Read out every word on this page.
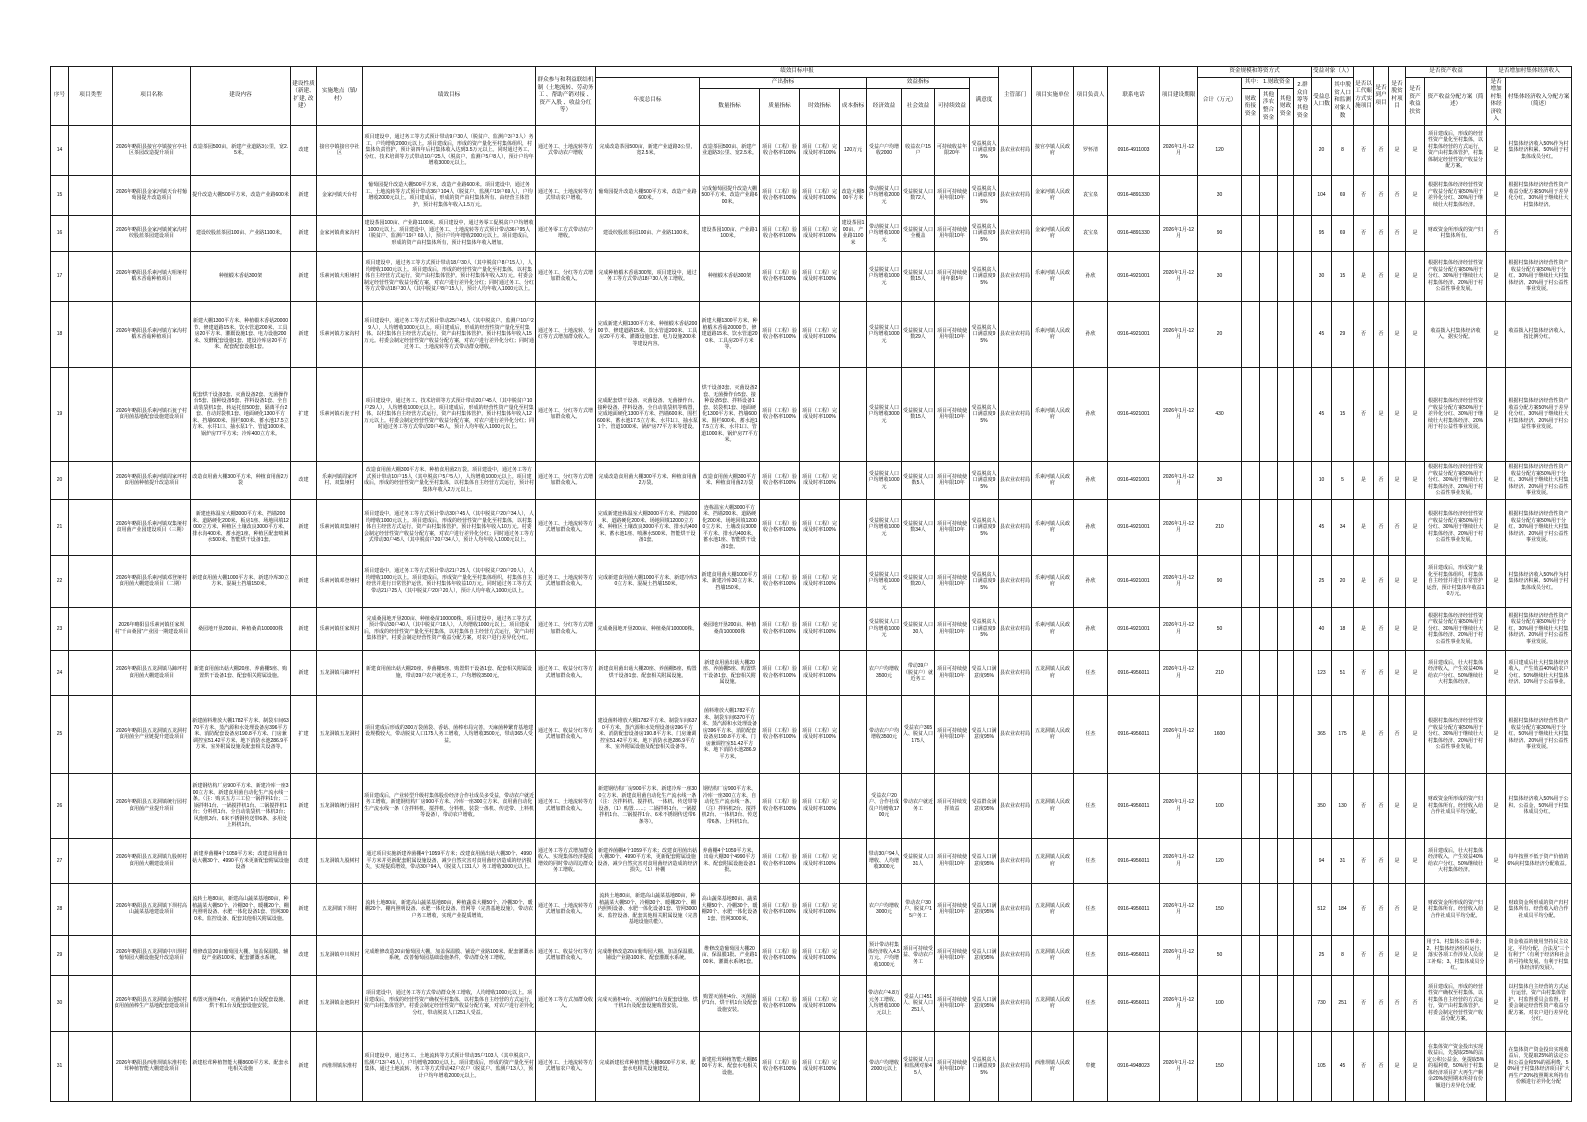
序号	项目类型	项目名称	建设内容	建设性质（新建、扩建, 改建）	实施地点（镇/村）	绩效目标	群众参与和利益联结机制（土地流转、劳动务工 、帮助产销对接 、资产入股 、收益分红等）	绩效目标申报									主管部门	项目实施单位	项目负责人	联系电话	项目建设期限	资金规模和筹资方式					受益对象（人）		是否以工代赈方式实施项目	是否到户项目	是否脱贫村项目	是否资产收益		是否增加村集体经济收入	
								年度总目标	产出指标				效益指标			满意度						合计（万元）	其中： 1.财政资金			2.群众自筹等其他资金	受益总人口数	其中脱贫人口和监测对象人数				是否资产收益扶贫	资产收益分配方案（简述）	是否增加村集体经济收入	村集体经济收入分配方案（简述）
									数量指标	质量指标	时效指标	成本指标	经济效益	社会效益	可持续效益								财政衔接资金	其他涉农整合资金	其他财政资金										
14		2026年略阳县接官亭镇接官亭社区茶园改造提升项目	改造茶园500亩，新建产业道路3公里，宽2.5米。	改建	接官亭镇接官亭社区	项目建设中，通过务工等方式预计带动9户30人（脱贫户、监测户3户3人）务工，户均增收2000元以上。项目建成后，形成的资产量化至村集体组织，村集体负责管护，预计第四年后村集体收入达到3.5万元以上。同时通过务工、分红、技术培训等方式带动10户25人（脱贫户、监测户5户8人），预计户均年增收3000元以上。	通过务工、土地流转等方式带动农户增收	完成改造茶园500亩，新建产业道路3公里，宽2.5米。	改造茶园500亩、新建产业道路3公里、宽2.5米。	项目（工程）验收合格率100%	项目（工程）完成及时率100%	120万元	受益户户均增收2000	收益农户15户	可持续收益年限20年	受益脱贫人口满意度95%	县农业农村局	接官亭镇人民政府	罗怀清	0916-4911003	2026年1月-12月	120					20	8	否	否	是	是	项目建成后，形成的经营性资产量化至村集体，以村集体经营的方式运行，资产由村集体管护，村集体制定经营性资产收益分配方案。	是	村集体经济收入50%作为村集体经济积累、50%用于村集体成员分红。
15		2026年略阳县金家河镇天台村葡萄园提升改造项目	提升改造大棚500平方米，改造产业路600米	新建	金家河镇天台村	葡萄园提升改造大棚500平方米，改造产业路600米。项目建设中，通过务工、土地流转等方式预计带动36户104人（脱贫户、监测户19户69人），户均增收2000元以上。项目建成后，形成的资产由村集体所有、由经营主体管护，预计村集体年收入1.5万元。	通过务工、土地流转等方式带动农户增收。	葡萄园提升改造大棚500平方米，改造产业路600米。	完成葡萄园提升改造大棚500平方米、改造产业路600米。	项目（工程）验收合格率100%	项目（工程）完成及时率100%	改造大棚500平方米	带动脱贫人口户均增收2000元	受益脱贫人口数72人	项目可持续使用年限10年	受益脱贫人口满意度95%	县农业农村局	金家河镇人民政府	袁宝泉	0916-4891330		30					104	69	否	否	否	是	根据村集体经济经营性资产收益分配方案50%用于差异化分红、30%用于继续壮大村集体经济。	是	根据村集体经济经营性资产收益分配方案50%用于差异化分红、30%用于继续壮大村集体经济。
16		2026年略阳县金家河镇黄家沟村绞股蓝茶园建设项目	建设绞股蓝茶园100亩、产业路1100米。	新建	金家河镇黄家沟村	建设茶园100亩、产业路1100米。项目建设中，通过务零工促脱贫户户均增收1000元以上。项目建设中，通过务工、土地流转等方式预计带动36户95人（脱贫户、监测户19户 69人），预计户均年增收2000元以上。项目建成后，形成的资产由村集体所有，预计村集体年收入增加。	通过务零工方式带动农户增收。	建设绞股蓝茶园100亩、产业路1100米。	建设茶园100亩、产业路1100米。	项目（工程）验收合格率100%	项目（工程）完成及时率100%	建设茶园100亩、产业路1100米	带动脱贫人口户均增收1000元	受益脱贫人口全覆盖	项目可持续使用年限10年	受益脱贫人口满意度95%	县农业农村局	金家河镇人民政府	袁宝泉	0916-4891330	2026年1月-12月	90					95	69	否	否	否	是	财政资金所形成的资产归村集体所有。	否	
17		2026年略阳县乐素河镇大咀垭村椴木香菇种植项目	种植椴木香菇300架	新建	乐素河镇大咀垭村	项目建设中，通过务工等方式预计带动18户30人（其中脱贫户8户15人），人均增收1000元以上。项目建成后，形成的经营性资产量化至村集体，以村集体自主经营方式运行，资产由村集体管护。预计村集体年收入3万元。村委会制定经营性资产收益分配方案，对农户进行差异化分红；同时通过务工、分红等方式带动18户30人（其中脱贫户8户15人），预计人均年收入1000元以上。	通过务工、分红等方式增加群众收入。	完成种植椴木香菇300架，项目建设中，通过务工等方式带动18户30人务工增收。	种植椴木香菇300架	项目（工程）验收合格率100%	项目（工程）完成及时率100%		受益脱贫人口户均增收1000元	受益脱贫人口数15人	项目可持续使用年限5年	受益脱贫人口满意度95%	县农业农村局	乐素河镇人民政府	孙欣	0916-4921001	2026年1月-12月	30					30	15	是	否	是	是	根据村集体经济经营性资产收益分配方案50%用于分红、30%用于继续壮大村集体经济、20%用于村公益性事业发展。	是	根据村集体经济经营性资产收益分配方案50%用于分红、30%用于继续壮大村集体经济、20%用于村公益性事业发展。
18		2026年略阳县乐素河镇方家沟村椴木香菇种植项目	新建大棚1300平方米、种植椴木香菇20000节、修建道路15米、饮水管道200米、工具房20平方米、灌溉设施1套、电力设施200米、发酵配套设施1套、建设冷库房20平方米、配套配套设施1套。	新建	乐素河镇方家沟村	项目建设中，通过务工等方式预计带动25户45人（其中脱贫户、监测户10户29人），人均增收1000元以上。项目建成后，形成的经营性资产量化至村集体。以村集体自主经营方式运行，资产由村集体管护。预计村集体年收入15万元。村委会制定经营性资产收益分配方案，对农户进行差异化分红；同时通过务工、土地流转等方式带动群众增收。	通过务工、土地流转、分红等方式增加群众收入。	完成新建大棚1300平方米、种植椴木香菇20000节、修建道路15米、饮水管道200米、工具房20平方米、灌溉设施1套、电力设施200米等建设内容。	新建大棚1300平方米、种植椴木香菇20000节、修建道路15米、饮水管道200米、工具房20平方米等。	项目（工程）验收合格率100%	项目（工程）完成及时率100%		受益脱贫人口户均增收1000元	受益脱贫人口数29人	项目可持续使用年限10年	受益脱贫人口满意度95%	县农业农村局	乐素河镇人民政府	孙欣	0916-4921001	2026年1月-12月	20					45	29	否	否	是	是	收益拨入村集体经济收入，据实分配。	是	收益拨入村集体经济收入，按比例分红。
19		2026年略阳县乐素河镇石瓮子村食用菌基地配套设施建设项目	配套烘干设备3套、灭菌设备2套、无菌操作台5套、接种设备5套、拌料设备1套、全自动装袋机1套、转运托盘500套、隔离平台2套、自动封袋机1套、地面硬化1300平方米、挡墙600米、围栏600米、蓄水池17.5立方米、水井1口、抽水泵1个、管道1000米、锅炉房77平方米；冷库400立方米。	扩建	乐素河镇石瓮子村	项目建设中，通过务工、技术培训等方式预计带动20户45人（其中脱贫户10户29人），人均增收1000元以上。项目建成后，形成的经营性资产量化至村集体，以村集体自主经营方式运行，资产由村集体管护，预计村集体年收入12万元以上。村委会制定经营性资产收益分配方案，对农户进行差异化分红；同时通过务工等方式带动20户45人，预计人均年收入1000元以上。	通过务工、分红等方式增加群众收入。	完成配套烘干设备、灭菌设备、无菌操作台、接种设备、拌料设备、全自动装袋机等购置，完成地面硬化1300平方米、挡墙600米、围栏600米、蓄水池17.5立方米、水井1口、抽水泵1个、管道1000米、锅炉房77平方米等建设。	烘干设备3套、灭菌设备2套、无菌操作台5套、接种设备5套、拌料设备1套、装袋机1套、地面硬化1300平方米、挡墙600米、围栏600米、蓄水池17.5立方米、水井1口、管道1000米、锅炉房77平方米。	项目（工程）验收合格率100%	项目（工程）完成及时率100%		受益脱贫人口户均增收3000元	受益脱贫人口数15人	项目可持续使用年限10年	受益脱贫人口满意度95%	县农业农村局	乐素河镇人民政府	孙欣	0916-4921001	2026年1月-12月	430					45	15	否	是	是	是	根据村集体经济经营性资产收益分配方案50%用于差异化分红、30%用于继续壮大村集体经济、20%用于村公益性事业发展。	是	根据村集体经济经营性资产收益分配方案50%用于差异化分红、30%用于继续壮大村集体经济、20%用于村公益性事业发展。
20		2026年略阳县乐素河镇周家坪村食用菌种植提升改造项目	改造食用菌大棚300平方米，种植食用菌2万袋	改建	乐素河镇周家坪村、双集垭村	改造食用菌大棚300平方米、种植食用菌2万袋。项目建设中，通过务工等方式预计带动10户15人（其中脱贫户5户5人），人均增收1000元以上。项目建成后，形成的经营性资产量化至村集体，以村集体自主经营方式运行，预计村集体年收入2万元以上。	通过务工、分红等方式增加群众收入。	完成改造食用菌大棚300平方米、种植食用菌2万袋。	改造食用菌大棚300平方米、种植食用菌2万袋	项目（工程）验收合格率100%	项目（工程）完成及时率100%		受益脱贫人口户均增收1000元	受益脱贫人口数5人	项目可持续使用年限10年	受益脱贫人口满意度95%	县农业农村局	乐素河镇人民政府	孙欣	0916-4921001	2026年1月-12月	30					10	5	是	否	是	是	根据村集体经济经营性资产收益分配方案50%用于分红、30%用于继续壮大村集体经济、20%用于村公益性事业发展。	是	根据村集体经济经营性资产收益分配方案50%用于分红、30%用于继续壮大村集体经济、20%用于村公益性事业发展。
21		2026年略阳县乐素河镇双集垭村食用菌产业园建设项目（三期）	新建连栋温室大棚3000平方米、挡墙200米、道路硬化200米、板房1座、场地回填12000立方米、种植区土壤改良3000平方米、排水沟400米、蓄水池1座、种植区配套喷淋水500米、智能烘干设备1套。	新建	乐素河镇双集垭村	项目建设中，通过务工等方式预计带动30户45人（其中脱贫户20户34人），人均增收1000元以上。项目建成后，形成的经营性资产量化至村集体，以村集体自主经营方式运行，资产由村集体管护。预计村集体年收入10万元。村委会制定经营性资产收益分配方案，对农户进行差异化分红；同时通过务工等方式带动30户45人（其中脱贫户20户34人），预计人均年收入1000元以上。	通过务工、土地流转等方式增加群众收入。	完成新建连栋温室大棚3000平方米、挡墙200米、道路硬化200米、场地回填12000立方米、种植区土壤改良3000平方米、排水沟400米、蓄水池1座、喷淋水500米、智能烘干设备1套。	连栋温室大棚3000平方米、挡墙200米、道路硬化200米、场地回填12000立方米、土壤改良3000平方米、排水沟400米、蓄水池1座、智能烘干设备1套。	项目（工程）验收合格率100%	项目（工程）完成及时率100%		受益脱贫人口户均增收1000元	受益脱贫人口数34人	项目可持续使用年限10年	受益脱贫人口满意度95%	县农业农村局	乐素河镇人民政府	孙欣	0916-4921001	2026年1月-12月	210					45	34	是	否	否	是	根据村集体经济经营性资产收益分配方案50%用于分红、30%用于继续壮大村集体经济、20%用于村公益性事业发展。	是	根据村集体经济经营性资产收益分配方案50%用于分红、30%用于继续壮大村集体经济、20%用于村公益性事业发展。
22		2026年略阳县乐素河镇邓登垭村食用菌大棚建设项目（二期）	新建食用菌大棚1000平方米、新建冷库30立方米、混凝土挡墙150米。	新建	乐素河镇邓登垭村	项目建设中，通过务工等方式预计带动21户25人（其中脱贫户20户20人），人均增收1000元以上。项目建成后，形成资产量化至村集体组织，村集体自主经营并进行日常管护运营，预计村集体年收益10万元。同时通过务工等方式带动21户25人（其中脱贫户20户20人），预计人均年收入1000元以上。	通过务工、土地流转等方式增加群众收入。	完成新建食用菌大棚1000平方米、新建冷库30立方米、混凝土挡墙150米。	新建食用菌大棚1000平方米、新建冷库30立方米、挡墙150米。	项目（工程）验收合格率100%	项目（工程）完成及时率100%		受益脱贫人口户均增收1000元	受益脱贫人口数20人	项目可持续使用年限10年	受益脱贫人口满意度95%	县农业农村局	乐素河镇人民政府	孙欣	0916-4921001	2026年1月-12月	90					25	20	是	否	是	是	项目建成后，形成资产量化至村集体组织，村集体自主经营并进行日常管护运营，预计村集体年收益10万元。	是	村集体经济收入50%作为村集体经济积累、50%用于村集体成员分红。
23		2026年略阳县乐素河镇任家坝村“千亩桑园”产业园一期建设项目	桑园地开垦200亩、种植桑苗100000株	新建	乐素河镇任家坝村	完成桑园地开垦200亩、种植桑苗100000株。项目建设中，通过务工等方式预计带动30户40人（其中脱贫户18人），人均增收1000元以上。项目建成后，形成的经营性资产量化至村集体，以村集体自主经营方式运行，资产由村集体管护。村委会制定经营性资产收益分配方案，对农户进行差异化分红。	通过务工、分红等方式增加群众收入。	完成桑园地开垦200亩、种植桑苗100000株。	桑园地开垦200亩、种植桑苗100000株	项目（工程）验收合格率100%	项目（工程）完成及时率100%		受益脱贫人口户均增收1000元	受益脱贫人口30人	项目可持续使用年限10年	受益脱贫人口满意度95%	县农业农村局	乐素河镇人民政府	孙欣	0916-4921001	2026年1月-12月	50					40	18	是	否	是	是	根据村集体经济经营性资产收益分配方案50%用于分红、30%用于继续壮大村集体经济、20%用于村公益性事业发展。	是	根据村集体经济经营性资产收益分配方案50%用于分红、30%用于继续壮大村集体经济、20%用于村公益性事业发展。
24		2026年略阳县五龙洞镇马蹄坪村食用菌大棚建设项目	新建食用菌出菇大棚20座、养菌棚5座、购置烘干设备1套、配套相关附属设施。	新建	五龙洞镇马蹄坪村	新建食用菌出菇大棚20座、养菌棚5座、购置烘干设备1套、配套相关附属设施，带动39户农户就近务工，户均增收3500元。	通过务工、收益分红等方式增加群众收入。	新建食用菌出菇大棚20座、养菌棚5座、购置烘干设备1套、配套相关附属设施。	新建食用菌出菇大棚20座、养菌棚5座、购置烘干设备1套、配套相关附属设施。	项目（工程）验收合格率100%	项目（工程）完成及时率100%		农户户均增收3500元	带动39户（脱贫户）就近务工	项目可持续使用年限10年	受益人口满意度95%	县农业农村局	五龙洞镇人民政府	任杰	0916-4956011	2026年1月-12月	210					123	51	否	否	是	是	项目建成后，壮大村集体经济收入，产生效益40%给农户分红、50%继续壮大村集体经济。	是	项目建成后壮大村集体经济收入，产生效益40%给农户分红、50%继续壮大村集体经济、10%用于公益事业。
25		2026年略阳县五龙洞镇五龙洞村食用菌全产业链提升建设项目	新建菌料堆放大棚1782平方米、制袋车间6370平方米、蒸汽源和水处理设备房396平方米、消防配套设备房190.8平方米、门房兼调控室51.42平方米、地下消防水池286.9平方米、室外附属设施及配套相关设备等。	扩建	五龙洞镇五龙洞村	项目建成后形成的300万袋菌袋、香菇、菌棒布局完善，天麻菌种繁育基地建设规模较大，带动脱贫人口175人务工增收，人均增收3500元，带动365人受益。	通过务工、收益分红等方式增加群众收入。	建设菌料堆放大棚1782平方米、制袋车间6370平方米、蒸汽源和水处理设备房396平方米、消防配套设备房190.8平方米、门房兼调控室51.42平方米、地下消防水池286.9平方米、室外附属设施及配套相关设备等。	菌料堆放大棚1782平方米、制袋车间6370平方米、蒸汽源和水处理设备房396平方米、消防配套设备房190.8平方米、门房兼调控室51.42平方米、地下消防水池286.9平方米。	项目（工程）验收合格率100%	项目（工程）完成及时率100%		带动农户户均增收3500元	受益农户365人、脱贫人口175人	项目可持续使用年限10年	受益人口满意度95%	县农业农村局	五龙洞镇人民政府	任杰	0916-4956011	2026年1月-12月	1600					365	175	是	否	否	是	根据村集体经济经营性资产收益分配方案50%用于分红、30%用于继续壮大村集体经济、20%用于村公益性事业发展。	是	根据村集体经济经营性资产收益分配方案30%用于分红、50%用于继续壮大村集体经济、20%用于村公益性事业发展。
26		2026年略阳县五龙洞镇统行园村食用菌产业提升项目	新建钢结构厂房900平方米、新建冷库一座300立方米、新建食用菌自动化生产流水线一条。（注：购买五方三工位一锅拌料1台；二锅拌料1台、一锅搅拌机1台、二锅搅拌机1台；分料机1台、全自动装袋机一体机3台；风炮机3台、6米不锈钢传送带6条、多用处上料机1台。	新建	五龙洞镇统行园村	项目建成后，产业转型升级村集体股份经济合作社成员多受益，带动农户就近务工增收。新建钢结构厂房900平方米、冷库一座300立方米、食用菌自动化生产流水线一条（含拌料机、搅拌机、分料机、装袋一体机、传送带、上料机等设备），带动农户增收。	通过务工、土地流转等方式增加群众收入。	新建钢结构厂房900平方米、新建冷库一座300立方米、新建食用菌自动化生产流水线一条（注：含拌料机、搅拌机、一体机、传送带等设备，（1）购置……；二锅拌料1台、一锅搅拌机1台、二锅搅拌1台、6米不锈钢传送带6条等）。	钢结构厂房900平方米、冷库一座300立方米、自动化生产流水线一条、（注）拌料机2台、搅拌机2台、一体机3台、传送带6条、上料机1台。	项目（工程）验收合格率100%	项目（工程）完成及时率100%		受益农户20户、合作社成员户均增收1700元	带动农户就近务工	项目可持续发挥效益	受益群众满意度95%	县农业农村局	五龙洞镇人民政府	任杰	0916-4956011	2026年1月-12月	100					350	130	否	否	是	是	财政资金所形成的资产归村集体所有。经营收入给合作社成员平均分配。	是	村集体经济收入50%用于公积、公益金，50%用于村集体成员分红。
27		2026年略阳县五龙洞镇九股树村食用菌大棚建设项目	新建养菌棚4个1059平方米；改建食用菌出菇大棚30个、4990平方米更新配套附属设施设备	改建	五龙洞镇九股树村	通过项目实施新建养菌棚4个1059平方米；改建食用菌出菇大棚30个、4990平方米并更新配套附属设施设备，减少自然灾害对食用菌经济造成的经济损失，实现提质增效，带动30户94人（脱贫人口31人）务工增收3000元以上。	通过务工等方式增加群众收入、实现集体经济提质增效的同时带动周边群众务工增收。	新建养菌棚4个1059平方米；改建食用菌出菇大棚30个、4990平方米，更新配套附属设施设备，减少自然灾害对食用菌经济造成的经济损失。（1）补棚	养菌棚4个1059平方米、出菇大棚30个4990平方米、配套附属设施设备1批。	项目（工程）验收合格率100%	项目（工程）完成及时率100%		带动30户94人增收、人均增收3000元	受益脱贫人口31人	项目可持续使用年限10年	受益人口满意度95%	县农业农村局	五龙洞镇人民政府	任杰	0916-4956011	2026年1月-12月	120					94	31	否	否	是	是	项目建成后，壮大村集体经济收入，产生效益40%给农户分红、50%继续壮大村集体经济。	是	每年按照不低于资产价值的6%向村集体经济分配收益。
28		2026年略阳县五龙洞镇下坝村高山蔬菜基地建设项目	流转土地80亩，新建高山蔬菜基地80亩，种植蔬菜大棚50个、冷棚30个、暖棚20个、棚内照明设备、水肥一体化设备1套、管网3000米。监控设备、配套其他相关附属设施。	新建	五龙洞镇下坝村	流转土地80亩，新建高山蔬菜基地80亩，种植蔬菜大棚50个、冷棚30个、暖棚20个、棚内照明设备、水肥一体化设备、管网等（完善基地设施），带动农户务工增收，实现产业提质增效。	通过务工、土地流转等方式增加群众收入。	流转土地80亩，新建高山蔬菜基地80亩，种植蔬菜大棚50个、冷棚30个、暖棚20个、棚内照明设备、水肥一体化设备1套、管网3000米、监控设备、配套其他相关附属设施（完善基地设施功能）。	高山蔬菜基地80亩、蔬菜大棚50个、冷棚30个、暖棚20个、水肥一体化设备1套、管网3000米。	项目（工程）验收合格率100%	项目（工程）完成及时率100%		农户户均增收3000元	带动农户30户、脱贫户15户务工	项目可持续使用年限10年	受益人口满意度95%	县农业农村局	五龙洞镇人民政府	任杰	0916-4956011	2026年1月-12月	150					512	184	否	否	否	是	财政资金所形成的资产归村集体所有。经营收入给合作社成员平均分配。	是	财政资金所形成的资产归村集体所有、经营收入给合作社成员平均分配。
29		2026年略阳县五龙洞镇中川坝村葡萄园大棚设施提升改造项目	维修改造20亩葡萄园大棚，加盖保温膜、辅设产业路100米、配套灌溉水系统。	改建	五龙洞镇中川坝村	完成维修改造20亩葡萄园大棚，加盖保温膜、铺设产业路100米、配套灌溉水系统，改善葡萄园基础设施条件，带动群众务工增收。	通过务工、收益分红等方式增加群众收入。	完成维修改造20亩葡萄园大棚、加盖保温膜、铺设产业路100米、配套灌溉水系统。	维修改造葡萄园大棚20亩、保温膜1批、产业路100米、灌溉水系统1套。	项目（工程）验收合格率100%	项目（工程）完成及时率100%		预计带动村集体经济收入4.5万元、户均增收1000元	项目可持续受益、带动农户务工	项目可持续使用年限10年	受益人口满意度95%	县农业农村局	五龙洞镇人民政府	任杰	0916-4956011	2026年1月-12月	50					25	8	否	否	是	是	用于1、村集体公益事业；2、村集体经济组织运行、落实各项工作涉及人员误工补贴；3、村集体成员分红。	是	资金收益的使用坚持民主议定、平均分配、合法及“三个有利于”（有利于经济和社会的可持续发展、有利于村集体经济的发展）。
30		2026年略阳县五龙洞镇金池院村食用菌菌棒生产基地配套建设项目	购置灭菌柜4台、灭菌锅炉1台及配套设施、烘干机1台及配套设施安装。	新建	五龙洞镇金池院村	项目建设中，通过务工等方式带动群众务工增收，人均增收1000元以上。项目建成后，形成的经营性资产确权至村集体，以村集体自主经营的方式运行，资产由村集体管护。村委会制定经营性资产收益分配方案，对农户进行差异化分红，带动脱贫人口251人受益。	通过务工等方式加群众收入。	完成灭菌柜4台、灭菌锅炉1台及配套设施、烘干机1台及配套设施购置安装。	购置灭菌柜4台、灭菌锅炉1台、烘干机1台及配套设施安装。	项目（工程）验收合格率100%	项目（工程）完成及时率100%		带动农户4.8万元务工增收、人均增收1000元以上	受益人口451人、脱贫人口251人	项目可持续使用年限10年	受益人口满意度95%	县农业农村局	五龙洞镇人民政府	任杰	0916-4956011	2026年1月-12月	100					730	251	否	否	否	否	项目建成后，形成的经营性资产确权至村集体，以村集体自主经营的方式运行，资产由村集体管护。村委会制定经营性资产收益分配方案。	是	以村集体自主经营的方式运行运营，资产由村集体管护、村监督委员会监督、村委会制定经营性资产收益分配方案、对农户进行差异化分红。
31		2026年略阳县西淮坝镇东淮村松茸种植智能大棚建设项目	新建松茸种植智能大棚8600平方米、配套水电相关设施	新建	西淮坝镇东淮村	项目建设中，通过务工、土地流转等方式预计带动35户103人（其中脱贫户、监测户13户45人），户均增收2000元以上。项目建成后，形成的资产量化至村集体，通过土地流转、务工等方式带动42户农户（脱贫户、监测户13人），预计户均年增收2000元以上。	通过务工、土地流转等方式增加农户收入。	完成新建松茸种植智能大棚8600平方米、配套水电相关设施建设。	新建松茸种植智能大棚8600平方米、配套水电相关设施。	项目（工程）验收合格率100%	项目（工程）完成及时率100%		带动户均增收2000元以上	受益脱贫人口和监测对象45人	项目可持续使用年限10年	受益脱贫人口满意度95%	县农业农村局	西淮坝镇人民政府	牟健	0916-4948023	2026年1月-12月	150					105	45	否	否	是	是	在集体资产资金投出实现收益后，先提取25%的法定公积公益金、免提取5%的福利费，50%用于村集体经济项目扩大再生产剩余20%按照期末所持有份额进行差异化分配	是	在集体资产资金投出实现收益后，先提取25%的法定公积公益金和5%的福利费，50%用于村集体经济项目扩大再生产20%按照期末所持有份额进行差异化分配
